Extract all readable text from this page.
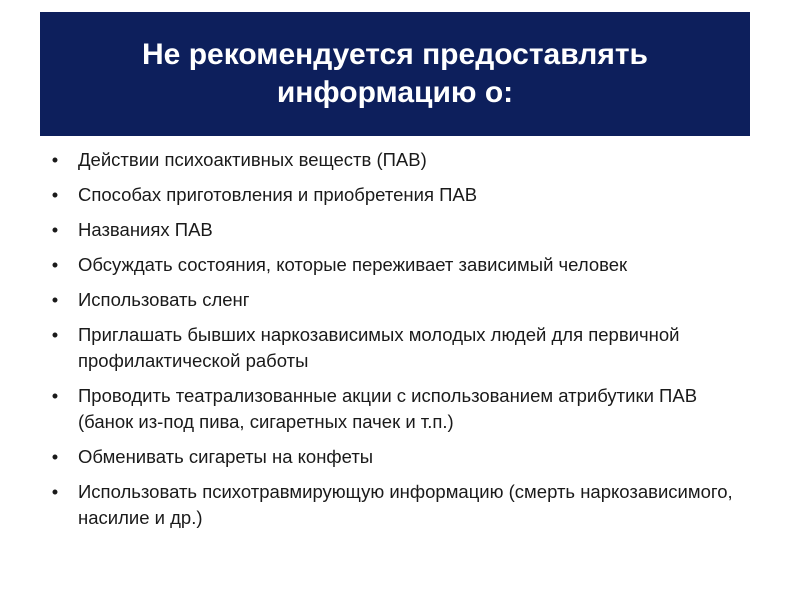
Не рекомендуется предоставлять
информацию о:
• Действии психоактивных веществ (ПАВ)
• Способах приготовления и приобретения ПАВ
• Названиях ПАВ
• Обсуждать состояния, которые переживает зависимый человек
• Использовать сленг
• Приглашать бывших наркозависимых молодых людей для первичной профилактической работы
• Проводить театрализованные акции с использованием атрибутики ПАВ (банок из-под пива, сигаретных пачек и т.п.)
• Обменивать сигареты на конфеты
• Использовать психотравмирующую информацию (смерть наркозависимого, насилие и др.)
